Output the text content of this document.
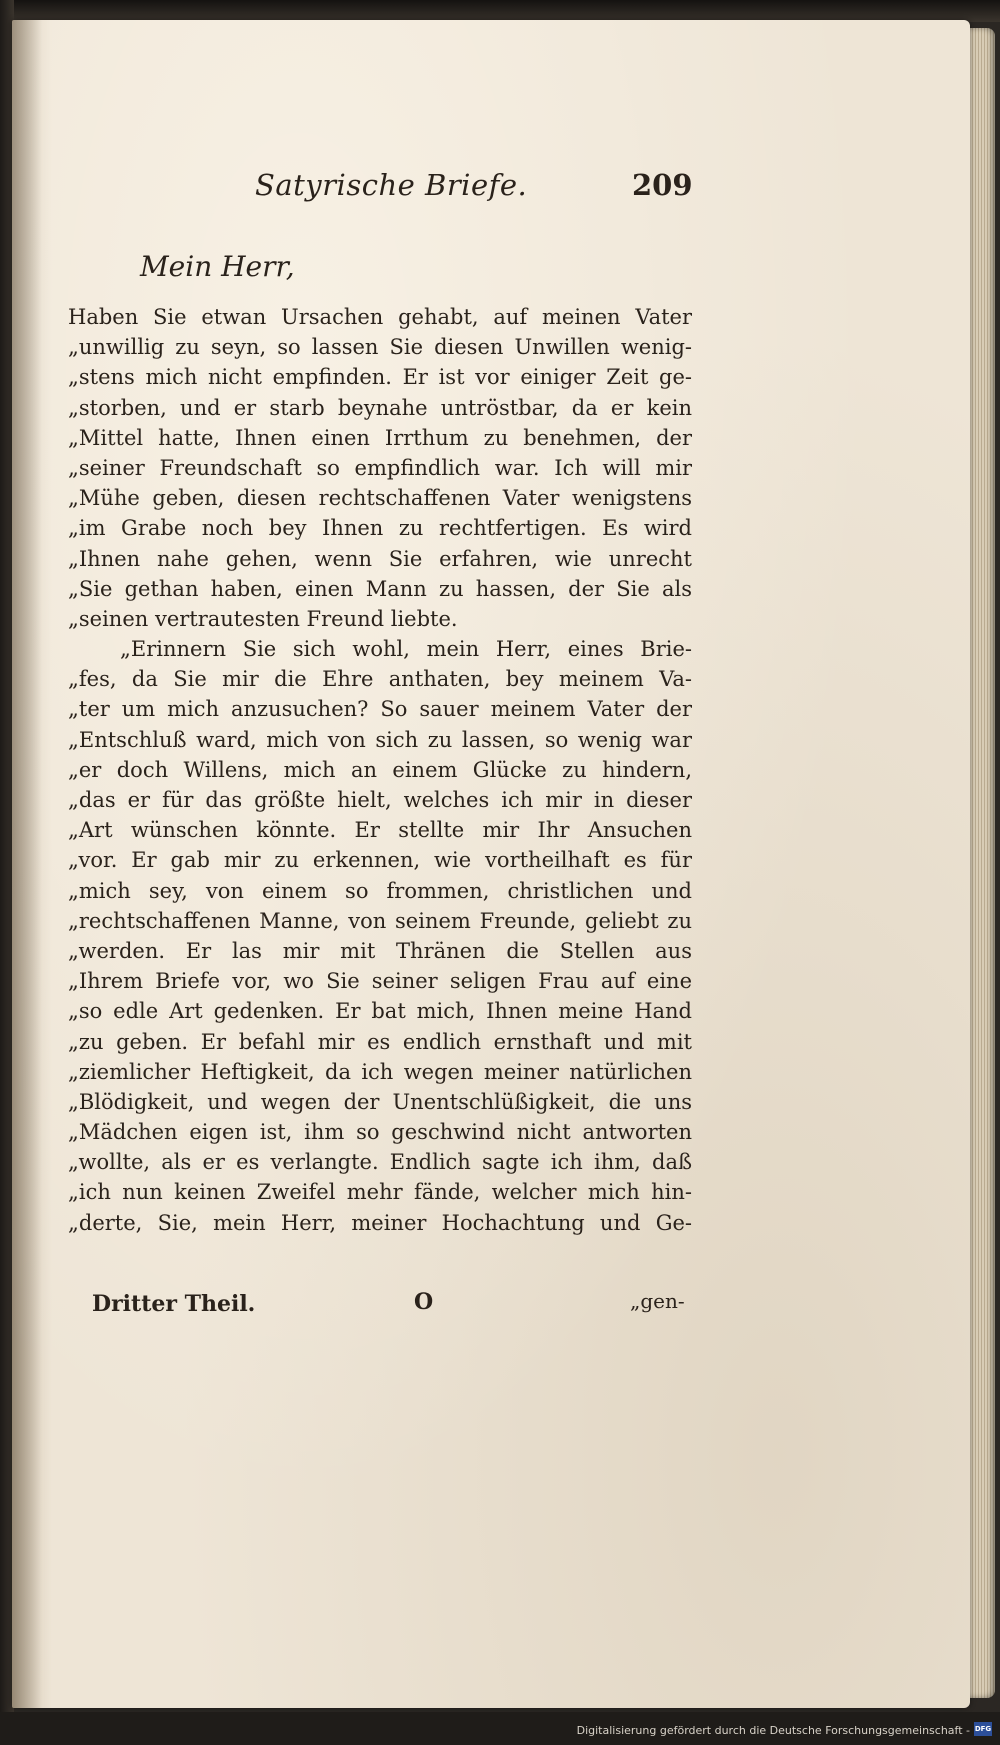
Satyrische Briefe.	209
Mein Herr,
Haben Sie etwan Ursachen gehabt, auf meinen Vater
„unwillig zu seyn, so lassen Sie diesen Unwillen wenig-
„stens mich nicht empfinden. Er ist vor einiger Zeit ge-
„storben, und er starb beynahe untröstbar, da er kein
„Mittel hatte, Ihnen einen Irrthum zu benehmen, der
„seiner Freundschaft so empfindlich war. Ich will mir
„Mühe geben, diesen rechtschaffenen Vater wenigstens
„im Grabe noch bey Ihnen zu rechtfertigen. Es wird
„Ihnen nahe gehen, wenn Sie erfahren, wie unrecht
„Sie gethan haben, einen Mann zu hassen, der Sie als
„seinen vertrautesten Freund liebte.
„Erinnern Sie sich wohl, mein Herr, eines Brie-
„fes, da Sie mir die Ehre anthaten, bey meinem Va-
„ter um mich anzusuchen? So sauer meinem Vater der
„Entschluß ward, mich von sich zu lassen, so wenig war
„er doch Willens, mich an einem Glücke zu hindern,
„das er für das größte hielt, welches ich mir in dieser
„Art wünschen könnte. Er stellte mir Ihr Ansuchen
„vor. Er gab mir zu erkennen, wie vortheilhaft es für
„mich sey, von einem so frommen, christlichen und
„rechtschaffenen Manne, von seinem Freunde, geliebt zu
„werden. Er las mir mit Thränen die Stellen aus
„Ihrem Briefe vor, wo Sie seiner seligen Frau auf eine
„so edle Art gedenken. Er bat mich, Ihnen meine Hand
„zu geben. Er befahl mir es endlich ernsthaft und mit
„ziemlicher Heftigkeit, da ich wegen meiner natürlichen
„Blödigkeit, und wegen der Unentschlüßigkeit, die uns
„Mädchen eigen ist, ihm so geschwind nicht antworten
„wollte, als er es verlangte. Endlich sagte ich ihm, daß
„ich nun keinen Zweifel mehr fände, welcher mich hin-
„derte, Sie, mein Herr, meiner Hochachtung und Ge-
Dritter Theil.	O	„gen-
Digitalisierung gefördert durch die Deutsche Forschungsgemeinschaft - DFG
